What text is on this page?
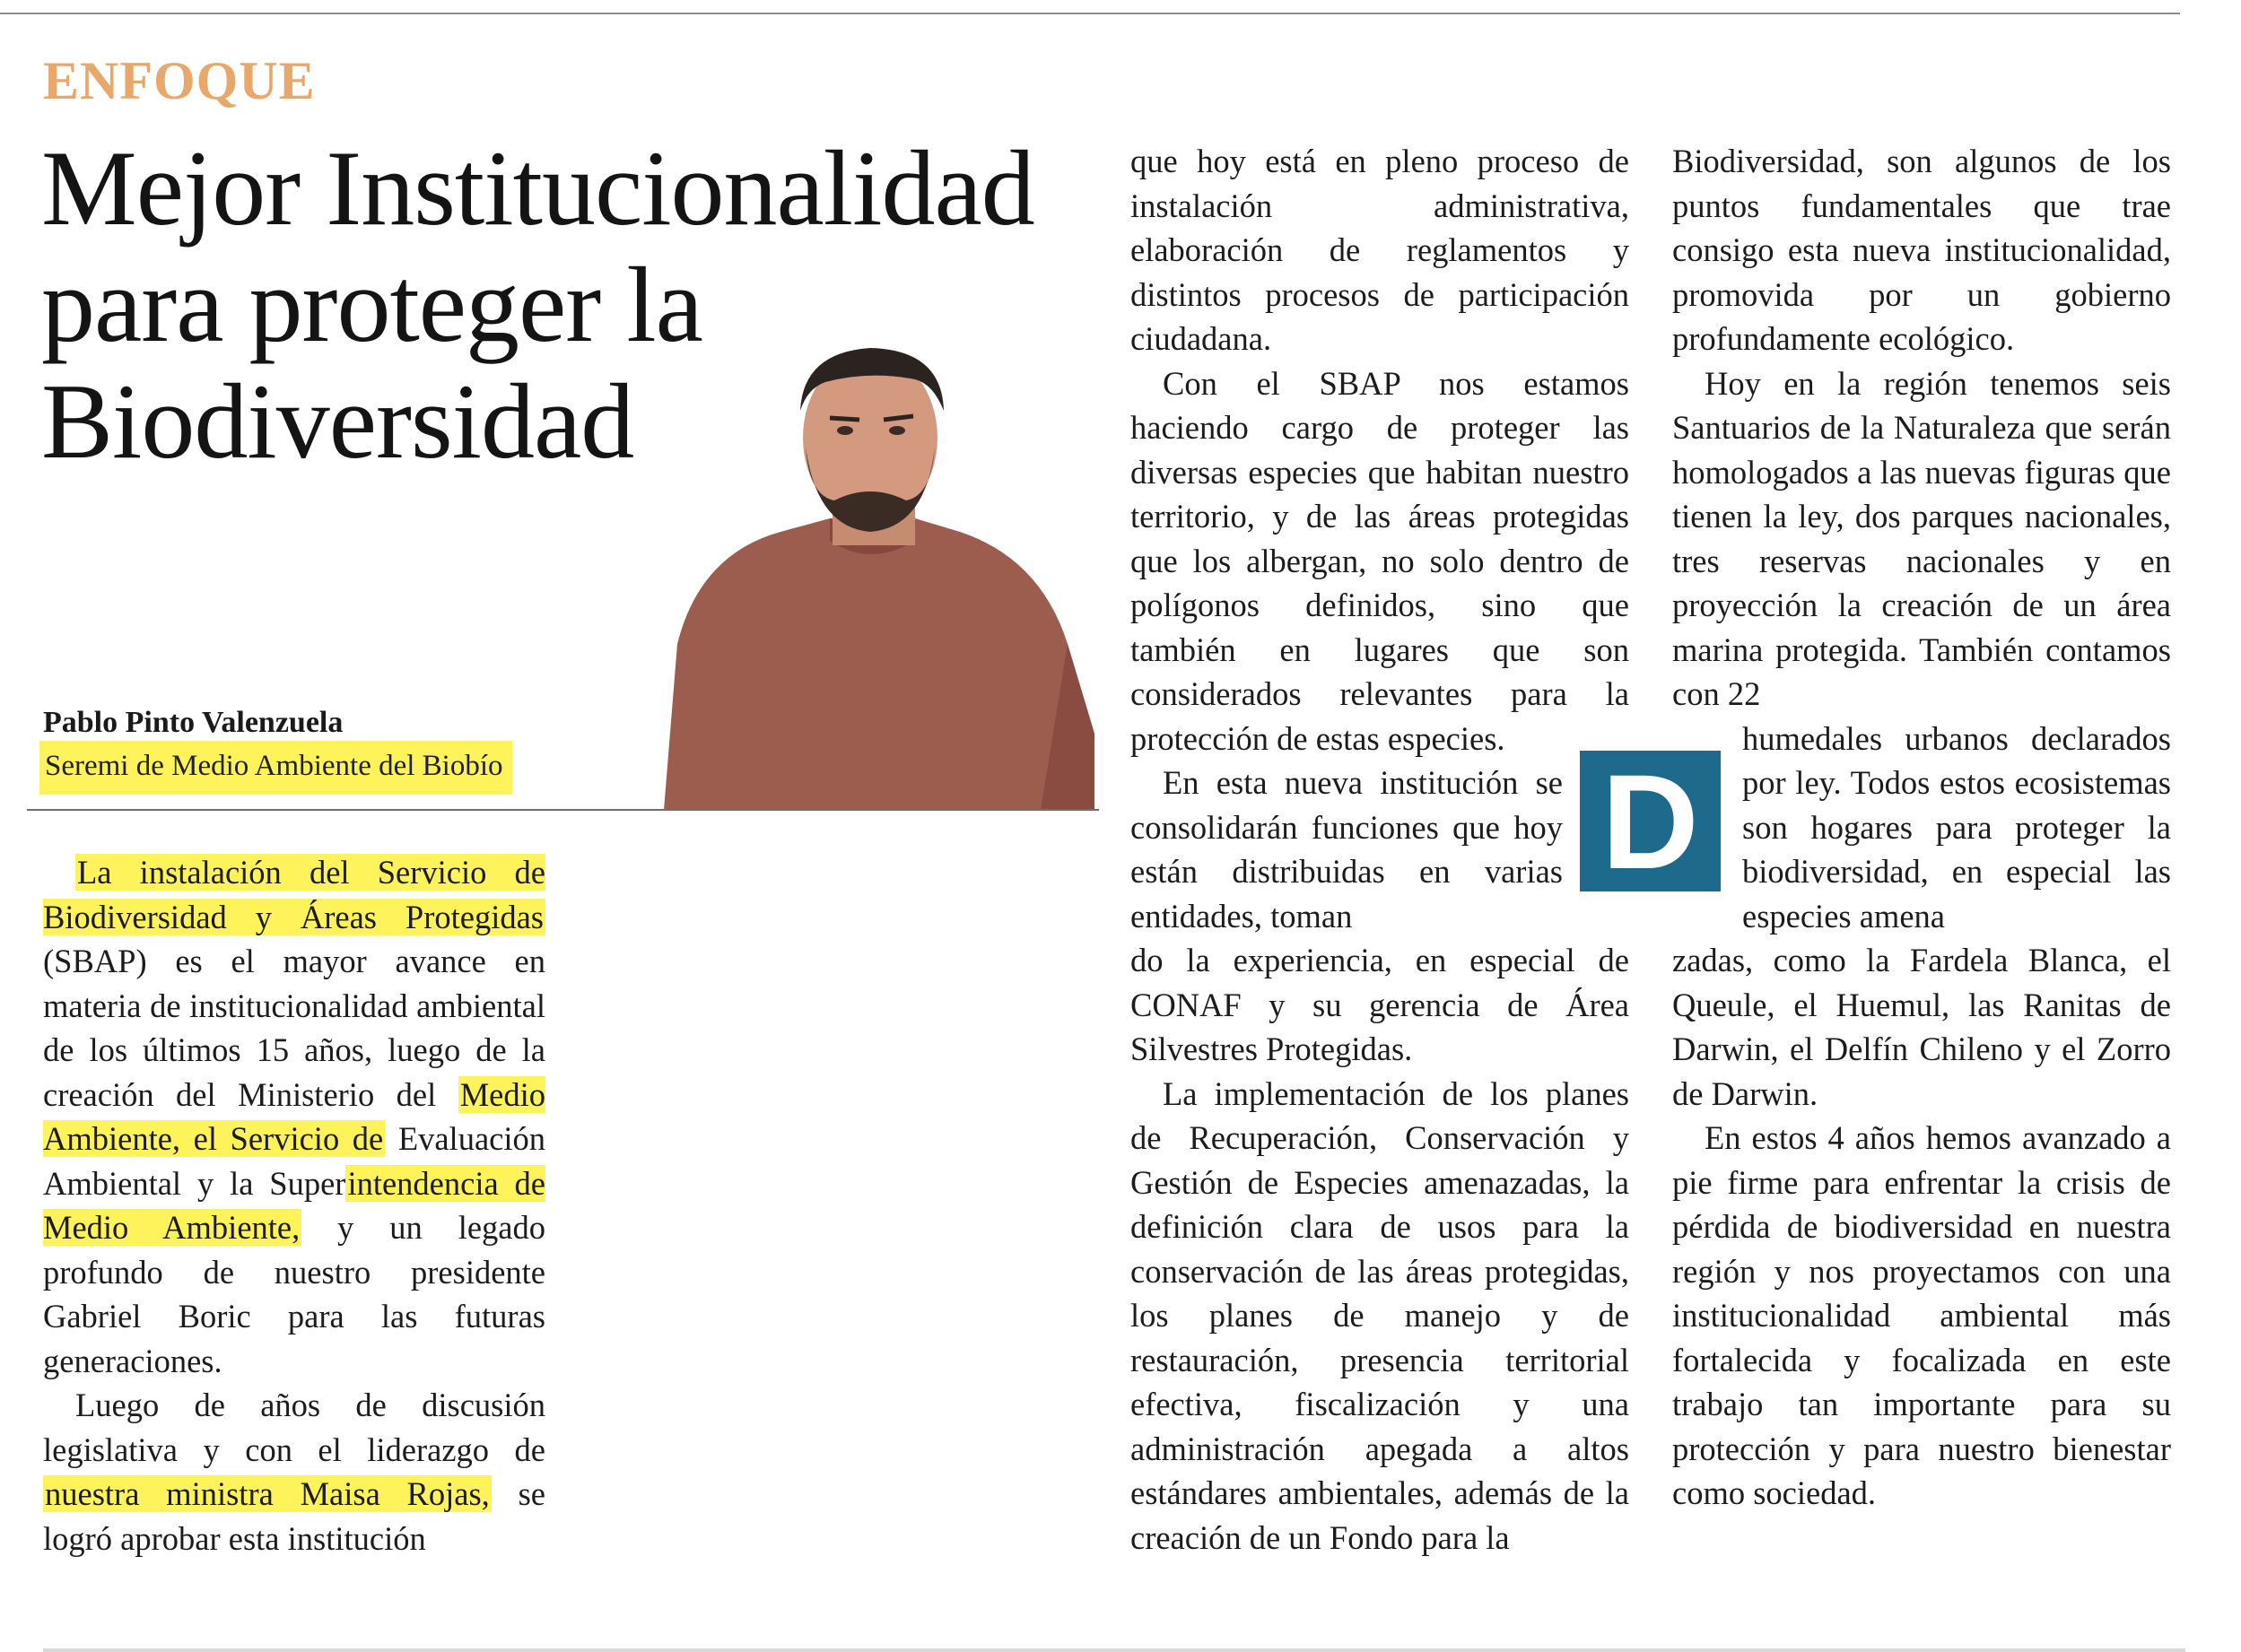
ENFOQUE
Mejor Institucionalidad para proteger la Biodiversidad
Pablo Pinto Valenzuela
Seremi de Medio Ambiente del Biobío

La instalación del Servicio de Biodiversidad y Áreas Protegidas (SBAP) es el mayor avance en materia de institucionalidad ambiental de los últimos 15 años, luego de la creación del Ministerio del Medio Ambiente, el Servicio de Evaluación Ambiental y la Superintendencia de Medio Ambiente, y un legado profundo de nuestro presidente Gabriel Boric para las futuras generaciones.

Luego de años de discusión legislativa y con el liderazgo de nuestra ministra Maisa Rojas, se logró aprobar esta institución

que hoy está en pleno proceso de instalación administrativa, elaboración de reglamentos y distintos procesos de participación ciudadana.

Con el SBAP nos estamos haciendo cargo de proteger las diversas especies que habitan nuestro territorio, y de las áreas protegidas que los albergan, no solo dentro de polígonos definidos, sino que también en lugares que son considerados relevantes para la protección de estas especies.

En esta nueva institución se consolidarán funciones que hoy están distribuidas en varias entidades, toman

do la experiencia, en especial de CONAF y su gerencia de Área Silvestres Protegidas.

La implementación de los planes de Recuperación, Conservación y Gestión de Especies amenazadas, la definición clara de usos para la conservación de las áreas protegidas, los planes de manejo y de restauración, presencia territorial efectiva, fiscalización y una administración apegada a altos estándares ambientales, además de la creación de un Fondo para la

D

Biodiversidad, son algunos de los puntos fundamentales que trae consigo esta nueva institucionalidad, promovida por un gobierno profundamente ecológico.

Hoy en la región tenemos seis Santuarios de la Naturaleza que serán homologados a las nuevas figuras que tienen la ley, dos parques nacionales, tres reservas nacionales y en proyección la creación de un área marina protegida. También contamos con 22

humedales urbanos declarados por ley. Todos estos ecosistemas son hogares para proteger la biodiversidad, en especial las especies amena

zadas, como la Fardela Blanca, el Queule, el Huemul, las Ranitas de Darwin, el Delfín Chileno y el Zorro de Darwin.

En estos 4 años hemos avanzado a pie firme para enfrentar la crisis de pérdida de biodiversidad en nuestra región y nos proyectamos con una institucionalidad ambiental más fortalecida y focalizada en este trabajo tan importante para su protección y para nuestro bienestar como sociedad.
